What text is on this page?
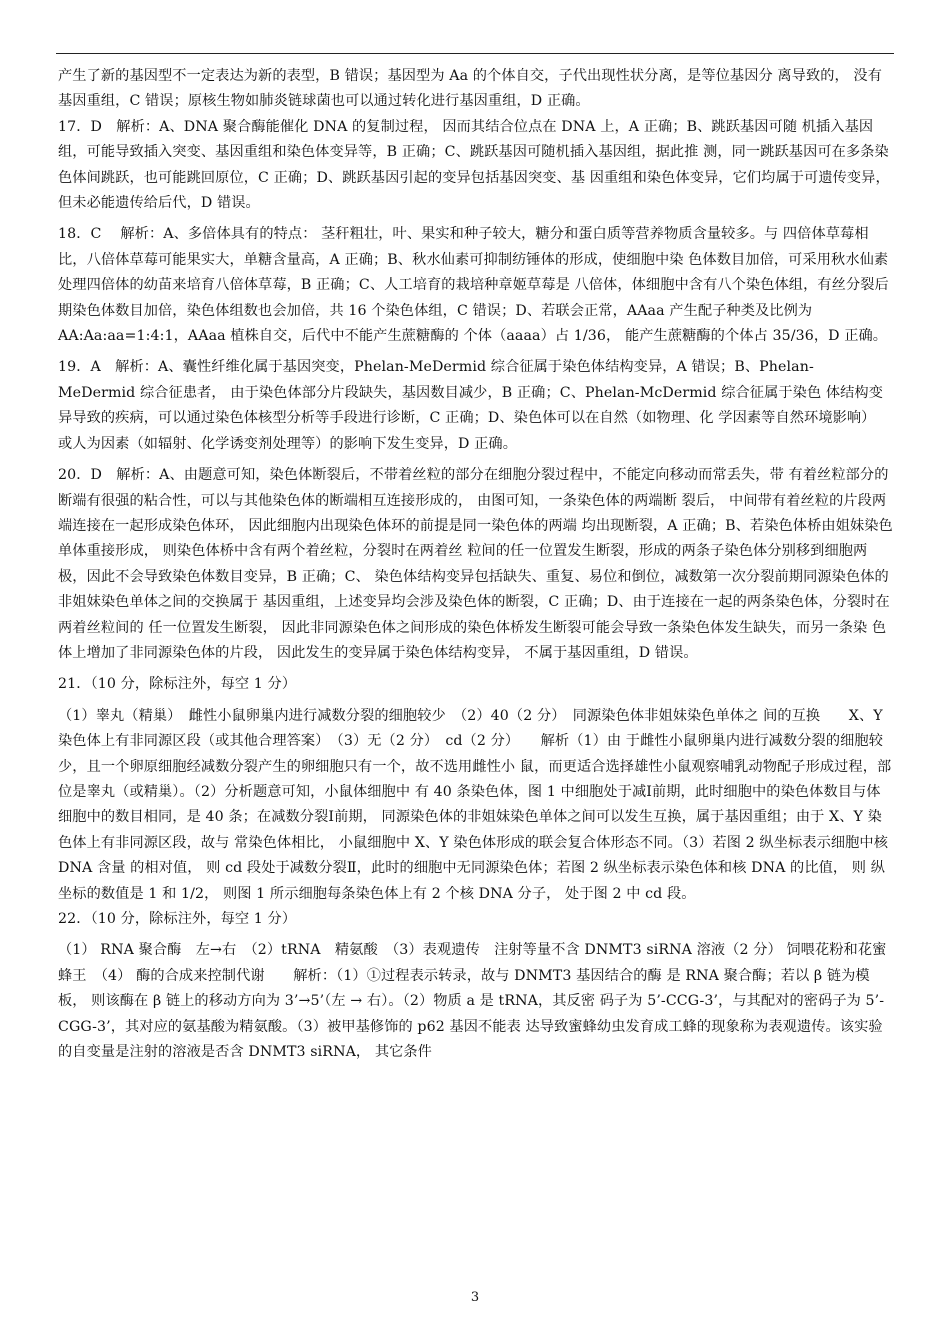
产生了新的基因型不一定表达为新的表型，B 错误；基因型为 Aa 的个体自交，子代出现性状分离，是等位基因分 离导致的， 没有基因重组，C 错误；原核生物如肺炎链球菌也可以通过转化进行基因重组，D 正确。

17．D　解析：A、DNA 聚合酶能催化 DNA 的复制过程， 因而其结合位点在 DNA 上，A 正确；B、跳跃基因可随 机插入基因组，可能导致插入突变、基因重组和染色体变异等，B 正确；C、跳跃基因可随机插入基因组，据此推 测，同一跳跃基因可在多条染色体间跳跃，也可能跳回原位，C 正确；D、跳跃基因引起的变异包括基因突变、基 因重组和染色体变异，它们均属于可遗传变异，但未必能遗传给后代，D 错误。

18．C　 解析：A、多倍体具有的特点： 茎秆粗壮，叶、果实和种子较大，糖分和蛋白质等营养物质含量较多。与 四倍体草莓相比，八倍体草莓可能果实大，单糖含量高，A 正确；B、秋水仙素可抑制纺锤体的形成，使细胞中染 色体数目加倍，可采用秋水仙素处理四倍体的幼苗来培育八倍体草莓，B 正确；C、人工培育的栽培种章姬草莓是 八倍体，体细胞中含有八个染色体组，有丝分裂后期染色体数目加倍，染色体组数也会加倍，共 16 个染色体组，C 错误；D、若联会正常，AAaa 产生配子种类及比例为 AA:Aa:aa=1:4:1，AAaa 植株自交，后代中不能产生蔗糖酶的 个体（aaaa）占 1/36， 能产生蔗糖酶的个体占 35/36，D 正确。

19．A　解析：A、囊性纤维化属于基因突变，Phelan-MeDermid 综合征属于染色体结构变异，A 错误；B、Phelan- MeDermid 综合征患者， 由于染色体部分片段缺失，基因数目减少，B 正确；C、Phelan-McDermid 综合征属于染色 体结构变异导致的疾病，可以通过染色体核型分析等手段进行诊断，C 正确；D、染色体可以在自然（如物理、化 学因素等自然环境影响） 或人为因素（如辐射、化学诱变剂处理等）的影响下发生变异，D 正确。

20．D　解析：A、由题意可知，染色体断裂后，不带着丝粒的部分在细胞分裂过程中，不能定向移动而常丢失，带 有着丝粒部分的断端有很强的粘合性，可以与其他染色体的断端相互连接形成的， 由图可知，一条染色体的两端断 裂后， 中间带有着丝粒的片段两端连接在一起形成染色体环， 因此细胞内出现染色体环的前提是同一染色体的两端 均出现断裂，A 正确；B、若染色体桥由姐妹染色单体重接形成， 则染色体桥中含有两个着丝粒，分裂时在两着丝 粒间的任一位置发生断裂，形成的两条子染色体分别移到细胞两极，因此不会导致染色体数目变异，B 正确；C、 染色体结构变异包括缺失、重复、易位和倒位，减数第一次分裂前期同源染色体的非姐妹染色单体之间的交换属于 基因重组，上述变异均会涉及染色体的断裂，C 正确；D、由于连接在一起的两条染色体，分裂时在两着丝粒间的 任一位置发生断裂， 因此非同源染色体之间形成的染色体桥发生断裂可能会导致一条染色体发生缺失，而另一条染 色体上增加了非同源染色体的片段， 因此发生的变异属于染色体结构变异， 不属于基因重组，D 错误。

21．（10 分，除标注外，每空 1 分）

（1）睾丸（精巢）　雌性小鼠卵巢内进行减数分裂的细胞较少　（2）40（2 分）　同源染色体非姐妹染色单体之 间的互换　　X、Y 染色体上有非同源区段（或其他合理答案）　（3）无（2 分）　cd（2 分）　　解析（1）由 于雌性小鼠卵巢内进行减数分裂的细胞较少，且一个卵原细胞经减数分裂产生的卵细胞只有一个，故不选用雌性小 鼠，而更适合选择雄性小鼠观察哺乳动物配子形成过程，部位是睾丸（或精巢）。（2）分析题意可知，小鼠体细胞中 有 40 条染色体，图 1 中细胞处于减Ⅰ前期，此时细胞中的染色体数目与体细胞中的数目相同，是 40 条；在减数分裂Ⅰ前期， 同源染色体的非姐妹染色单体之间可以发生互换，属于基因重组；由于 X、Y 染色体上有非同源区段，故与 常染色体相比， 小鼠细胞中 X、Y 染色体形成的联会复合体形态不同。（3）若图 2 纵坐标表示细胞中核 DNA 含量 的相对值， 则 cd 段处于减数分裂Ⅱ，此时的细胞中无同源染色体；若图 2 纵坐标表示染色体和核 DNA 的比值， 则 纵坐标的数值是 1 和 1/2， 则图 1 所示细胞每条染色体上有 2 个核 DNA 分子， 处于图 2 中 cd 段。

22．（10 分，除标注外，每空 1 分）

（1） RNA 聚合酶　左→右　（2）tRNA　精氨酸　（3）表观遗传　注射等量不含 DNMT3 siRNA 溶液（2 分） 饲喂花粉和花蜜　蜂王　（4） 酶的合成来控制代谢　　解析：（1）①过程表示转录，故与 DNMT3 基因结合的酶 是 RNA 聚合酶；若以 β 链为模板， 则该酶在 β 链上的移动方向为 3’→5’（左 → 右）。（2）物质 a 是 tRNA，其反密 码子为 5’-CCG-3’，与其配对的密码子为 5’-CGG-3’，其对应的氨基酸为精氨酸。（3）被甲基修饰的 p62 基因不能表 达导致蜜蜂幼虫发育成工蜂的现象称为表观遗传。该实验的自变量是注射的溶液是否含 DNMT3 siRNA， 其它条件

3
